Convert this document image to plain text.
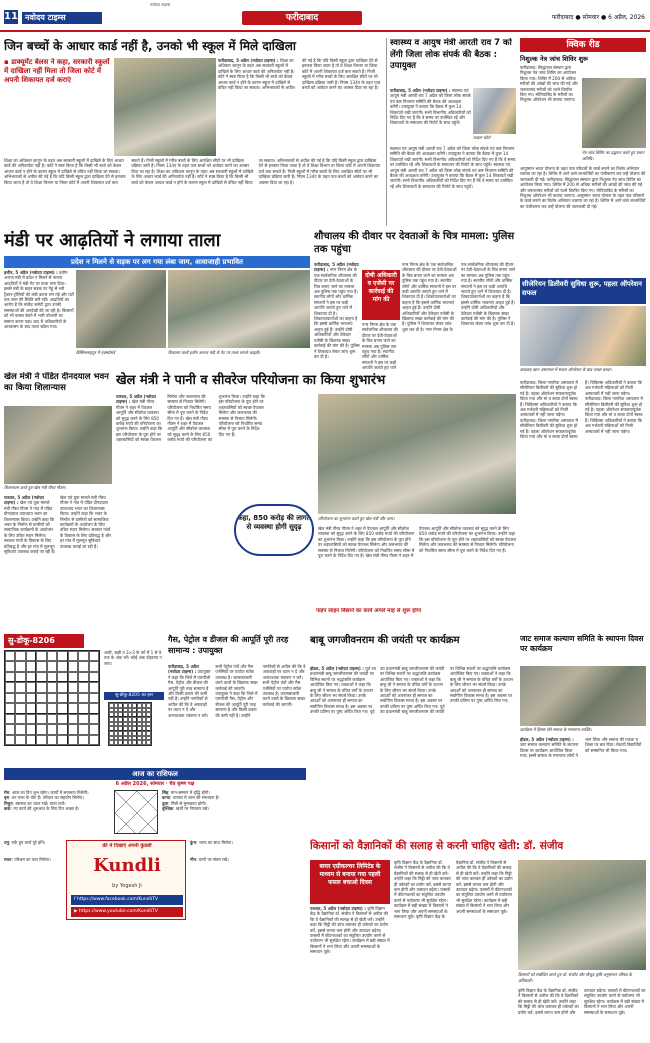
11 नवोदय टाइम्स
नवोदय टाइम्स
फरीदाबाद	फरीदाबाद ● सोमवार ● 6 अप्रैल, 2026
जिन बच्चों के आधार कार्ड नहीं है, उनको भी स्कूल में मिले दाखिला
▪ डाक्यूमेंट बेलस ने कहा, सरकारी स्कूलों में दाखिला नहीं मिला तो जिला कोर्ट में अपनी शिकायत दर्ज कराएं
फरीदाबाद, 5 अप्रैल (नवोदय टाइम्स) : शिक्षा का अधिकार कानून के तहत अब सरकारी स्कूलों में दाखिले के लिए आधार कार्ड की अनिवार्यता नहीं है। कोर्ट ने स्पष्ट किया है कि किसी भी बच्चे को केवल आधार कार्ड न होने के कारण स्कूल में दाखिले से वंचित नहीं किया जा सकता। अभिभावकों से अपील की गई है कि यदि किसी स्कूल द्वारा दाखिला देने से इनकार किया जाता है तो वे शिक्षा विभाग या जिला कोर्ट में अपनी शिकायत दर्ज करा सकते हैं। निजी स्कूलों में गरीब बच्चों के लिए आरक्षित सीटों पर भी दाखिला प्रक्रिया जारी है। नियम 134ए के तहत पात्र बच्चों को आवेदन करने का अवसर दिया जा रहा है।
शिक्षा का अधिकार कानून के तहत अब सरकारी स्कूलों में दाखिले के लिए आधार कार्ड की अनिवार्यता नहीं है। कोर्ट ने स्पष्ट किया है कि किसी भी बच्चे को केवल आधार कार्ड न होने के कारण स्कूल में दाखिले से वंचित नहीं किया जा सकता। अभिभावकों से अपील की गई है कि यदि किसी स्कूल द्वारा दाखिला देने से इनकार किया जाता है तो वे शिक्षा विभाग या जिला कोर्ट में अपनी शिकायत दर्ज करा सकते हैं। निजी स्कूलों में गरीब बच्चों के लिए आरक्षित सीटों पर भी दाखिला प्रक्रिया जारी है। नियम 134ए के तहत पात्र बच्चों को आवेदन करने का अवसर दिया जा रहा है। शिक्षा का अधिकार कानून के तहत अब सरकारी स्कूलों में दाखिले के लिए आधार कार्ड की अनिवार्यता नहीं है। कोर्ट ने स्पष्ट किया है कि किसी भी बच्चे को केवल आधार कार्ड न होने के कारण स्कूल में दाखिले से वंचित नहीं किया जा सकता। अभिभावकों से अपील की गई है कि यदि किसी स्कूल द्वारा दाखिला देने से इनकार किया जाता है तो वे शिक्षा विभाग या जिला कोर्ट में अपनी शिकायत दर्ज करा सकते हैं। निजी स्कूलों में गरीब बच्चों के लिए आरक्षित सीटों पर भी दाखिला प्रक्रिया जारी है। नियम 134ए के तहत पात्र बच्चों को आवेदन करने का अवसर दिया जा रहा है।
स्वास्थ्य व आयुष मंत्री आरती राव 7 को लेंगी जिला लोक संपर्क की बैठक : उपायुक्त
फाइल फोटो
फरीदाबाद, 5 अप्रैल (नवोदय टाइम्स) : स्वास्थ्य एवं आयुष मंत्री आरती राव 7 अप्रैल को जिला लोक संपर्क एवं कष्ट निवारण समिति की बैठक की अध्यक्षता करेंगी। उपायुक्त ने बताया कि बैठक में कुल 14 शिकायतें रखी जाएंगी। सभी विभागीय अधिकारियों को निर्देश दिए गए हैं कि वे समय पर उपस्थित रहें और शिकायतों के समाधान की रिपोर्ट के साथ पहुंचें।
स्वास्थ्य एवं आयुष मंत्री आरती राव 7 अप्रैल को जिला लोक संपर्क एवं कष्ट निवारण समिति की बैठक की अध्यक्षता करेंगी। उपायुक्त ने बताया कि बैठक में कुल 14 शिकायतें रखी जाएंगी। सभी विभागीय अधिकारियों को निर्देश दिए गए हैं कि वे समय पर उपस्थित रहें और शिकायतों के समाधान की रिपोर्ट के साथ पहुंचें। स्वास्थ्य एवं आयुष मंत्री आरती राव 7 अप्रैल को जिला लोक संपर्क एवं कष्ट निवारण समिति की बैठक की अध्यक्षता करेंगी। उपायुक्त ने बताया कि बैठक में कुल 14 शिकायतें रखी जाएंगी। सभी विभागीय अधिकारियों को निर्देश दिए गए हैं कि वे समय पर उपस्थित रहें और शिकायतों के समाधान की रिपोर्ट के साथ पहुंचें।
क्विक रीड
निशुल्क नेत्र जांच शिविर शुरू
फरीदाबाद। सिद्धाचल संस्थान द्वारा निशुल्क नेत्र जांच शिविर का आयोजन किया गया। शिविर में 200 से अधिक मरीजों की आंखों की जांच की गई और जरूरतमंद मरीजों को चश्मे वितरित किए गए। मोतियाबिंद के मरीजों का निशुल्क ऑपरेशन भी कराया जाएगा।
नेत्र जांच शिविर का उद्घाटन करते हुए प्रधान अतिथि।
आयुष्मान भारत योजना के तहत पात्र परिवारों के कार्ड बनाने का विशेष अभियान चलाया जा रहा है। शिविर में आने वाले लाभार्थियों का पंजीकरण कर उन्हें योजना की जानकारी दी गई। फरीदाबाद। सिद्धाचल संस्थान द्वारा निशुल्क नेत्र जांच शिविर का आयोजन किया गया। शिविर में 200 से अधिक मरीजों की आंखों की जांच की गई और जरूरतमंद मरीजों को चश्मे वितरित किए गए। मोतियाबिंद के मरीजों का निशुल्क ऑपरेशन भी कराया जाएगा। आयुष्मान भारत योजना के तहत पात्र परिवारों के कार्ड बनाने का विशेष अभियान चलाया जा रहा है। शिविर में आने वाले लाभार्थियों का पंजीकरण कर उन्हें योजना की जानकारी दी गई।
सीजेरियन डिलीवरी सुविधा शुरू, पहला ऑपरेशन सफल
बादशाह खान अस्पताल में सफल ऑपरेशन के बाद जच्चा-बच्चा।
मंडी पर आढ़तियों ने लगाया ताला
प्रदेश न मिलने से सड़क पर लग गया लंबा जाम, आवाजाही प्रभावित
हथीन, 5 अप्रैल (नवोदय टाइम्स) : हथीन अनाज मंडी में प्रवेश न मिलने से नाराज आढ़तियों ने मंडी गेट पर ताला लगा दिया। इससे मंडी के बाहर सड़क पर गेहूं से भरी ट्रैक्टर-ट्रॉलियों की लंबी कतार लग गई और घंटों तक जाम की स्थिति बनी रही। आढ़तियों का आरोप है कि मार्केट कमेटी द्वारा उनकी समस्याओं की अनदेखी की जा रही है। किसानों को भी फसल बेचने में भारी परेशानी का सामना करना पड़ा। बाद में अधिकारियों के आश्वासन के बाद ताला खोला गया।
बिस्मिल्लाहपुर में एक्सप्रेसवे	शिवालय वालों हथीन अनाज मंडी के गेट पर ताला लगाते आढ़ती।
शौचालय की दीवार पर देवताओं के चित्र मामला: पुलिस तक पहुंचा
फरीदाबाद, 5 अप्रैल (नवोदय टाइम्स) : नगर निगम क्षेत्र के एक सार्वजनिक शौचालय की दीवार पर देवी-देवताओं के चित्र बनाए जाने का मामला अब पुलिस तक पहुंच गया है। स्थानीय लोगों और धार्मिक संगठनों ने इस पर कड़ी आपत्ति जताते हुए थाने में शिकायत दी है। शिकायतकर्ताओं का कहना है कि इससे धार्मिक भावनाएं आहत हुई हैं। उन्होंने दोषी अधिकारियों और ठेकेदार एजेंसी के खिलाफ सख्त कार्रवाई की मांग की है। पुलिस ने शिकायत लेकर जांच शुरू कर दी है।
दोषी अधिकारी व एजेंसी पर कार्रवाई की मांग की
नगर निगम क्षेत्र के एक सार्वजनिक शौचालय की दीवार पर देवी-देवताओं के चित्र बनाए जाने का मामला अब पुलिस तक पहुंच गया है। स्थानीय लोगों और धार्मिक संगठनों ने इस पर कड़ी आपत्ति जताते हुए थाने
नगर निगम क्षेत्र के एक सार्वजनिक शौचालय की दीवार पर देवी-देवताओं के चित्र बनाए जाने का मामला अब पुलिस तक पहुंच गया है। स्थानीय लोगों और धार्मिक संगठनों ने इस पर कड़ी आपत्ति जताते हुए थाने में शिकायत दी है। शिकायतकर्ताओं का कहना है कि इससे धार्मिक भावनाएं आहत हुई हैं। उन्होंने दोषी अधिकारियों और ठेकेदार एजेंसी के खिलाफ सख्त कार्रवाई की मांग की है। पुलिस ने शिकायत लेकर जांच शुरू कर दी है। नगर निगम क्षेत्र के एक सार्वजनिक शौचालय की दीवार पर देवी-देवताओं के चित्र बनाए जाने का मामला अब पुलिस तक पहुंच गया है। स्थानीय लोगों और धार्मिक संगठनों ने इस पर कड़ी आपत्ति जताते हुए थाने में शिकायत दी है। शिकायतकर्ताओं का कहना है कि इससे धार्मिक भावनाएं आहत हुई हैं। उन्होंने दोषी अधिकारियों और ठेकेदार एजेंसी के खिलाफ सख्त कार्रवाई की मांग की है। पुलिस ने शिकायत लेकर जांच शुरू कर दी है।
खेल मंत्री ने पंडित दीनदयाल भवन का किया शिलान्यास
शिलान्यास करते हुए खेल मंत्री गौरव गौतम।
पलवल, 5 अप्रैल (नवोदय टाइम्स) : खेल एवं युवा मामले मंत्री गौरव गौतम ने गांव में पंडित दीनदयाल उपाध्याय भवन का शिलान्यास किया। उन्होंने कहा कि भवन के निर्माण से ग्रामीणों को सामाजिक कार्यक्रमों के आयोजन के लिए उचित स्थान मिलेगा। सरकार गांवों के विकास के लिए प्रतिबद्ध है और हर गांव में मूलभूत सुविधाएं उपलब्ध कराई जा रही हैं। खेल एवं युवा मामले मंत्री गौरव गौतम ने गांव में पंडित दीनदयाल उपाध्याय भवन का शिलान्यास किया। उन्होंने कहा कि भवन के निर्माण से ग्रामीणों को सामाजिक कार्यक्रमों के आयोजन के लिए उचित स्थान मिलेगा। सरकार गांवों के विकास के लिए प्रतिबद्ध है और हर गांव में मूलभूत सुविधाएं उपलब्ध कराई जा रही हैं।
खेल मंत्री ने पानी व सीवरेज परियोजना का किया शुभारंभ
पलवल, 5 अप्रैल (नवोदय टाइम्स) : खेल मंत्री गौरव गौतम ने शहर में पेयजल आपूर्ति और सीवरेज व्यवस्था को सुदृढ़ करने के लिए 850 करोड़ रुपये की परियोजना का शुभारंभ किया। उन्होंने कहा कि इस परियोजना के पूरा होने पर शहरवासियों को स्वच्छ पेयजल मिलेगा और जलभराव की समस्या से निजात मिलेगी। परियोजना को निर्धारित समय सीमा में पूरा करने के निर्देश दिए गए हैं। खेल मंत्री गौरव गौतम ने शहर में पेयजल आपूर्ति और सीवरेज व्यवस्था को सुदृढ़ करने के लिए 850 करोड़ रुपये की परियोजना का शुभारंभ किया। उन्होंने कहा कि इस परियोजना के पूरा होने पर शहरवासियों को स्वच्छ पेयजल मिलेगा और जलभराव की समस्या से निजात मिलेगी। परियोजना को निर्धारित समय सीमा में पूरा करने के निर्देश दिए गए हैं।
कहा, 850 करोड़ की लागत से व्यवस्था होगी सुदृढ़
परियोजना का शुभारंभ करते हुए खेल मंत्री और अन्य।
खेल मंत्री गौरव गौतम ने शहर में पेयजल आपूर्ति और सीवरेज व्यवस्था को सुदृढ़ करने के लिए 850 करोड़ रुपये की परियोजना का शुभारंभ किया। उन्होंने कहा कि इस परियोजना के पूरा होने पर शहरवासियों को स्वच्छ पेयजल मिलेगा और जलभराव की समस्या से निजात मिलेगी। परियोजना को निर्धारित समय सीमा में पूरा करने के निर्देश दिए गए हैं। खेल मंत्री गौरव गौतम ने शहर में पेयजल आपूर्ति और सीवरेज व्यवस्था को सुदृढ़ करने के लिए 850 करोड़ रुपये की परियोजना का शुभारंभ किया। उन्होंने कहा कि इस परियोजना के पूरा होने पर शहरवासियों को स्वच्छ पेयजल मिलेगा और जलभराव की समस्या से निजात मिलेगी। परियोजना को निर्धारित समय सीमा में पूरा करने के निर्देश दिए गए हैं।
पाइप लाइन बिछाने का कार्य अगले माह से शुरू होगा
फरीदाबाद। जिला नागरिक अस्पताल में सीजेरियन डिलीवरी की सुविधा शुरू हो गई है। पहला ऑपरेशन सफलतापूर्वक किया गया और मां व बच्चा दोनों स्वस्थ हैं। चिकित्सा अधिकारियों ने बताया कि अब गर्भवती महिलाओं को निजी अस्पतालों में नहीं जाना पड़ेगा। फरीदाबाद। जिला नागरिक अस्पताल में सीजेरियन डिलीवरी की सुविधा शुरू हो गई है। पहला ऑपरेशन सफलतापूर्वक किया गया और मां व बच्चा दोनों स्वस्थ हैं। चिकित्सा अधिकारियों ने बताया कि अब गर्भवती महिलाओं को निजी अस्पतालों में नहीं जाना पड़ेगा। फरीदाबाद। जिला नागरिक अस्पताल में सीजेरियन डिलीवरी की सुविधा शुरू हो गई है। पहला ऑपरेशन सफलतापूर्वक किया गया और मां व बच्चा दोनों स्वस्थ हैं। चिकित्सा अधिकारियों ने बताया कि अब गर्भवती महिलाओं को निजी अस्पतालों में नहीं जाना पड़ेगा।
सु-डोकू-8206
आड़ी, खड़ी व 3×3 के वर्ग में 1 से 9 तक के अंक भरें। कोई अंक दोहराया न जाए।
सु-डोकू-8205 का हल
गैस, पेट्रोल व डीजल की आपूर्ति पूरी तरह सामान्य : उपायुक्त
फरीदाबाद, 5 अप्रैल (नवोदय टाइम्स) : उपायुक्त ने कहा कि जिले में एलपीजी गैस, पेट्रोल और डीजल की आपूर्ति पूरी तरह सामान्य है और किसी प्रकार की कमी नहीं है। उन्होंने नागरिकों से अपील की कि वे अफवाहों पर ध्यान न दें और अनावश्यक भंडारण न करें। सभी पेट्रोल पंपों और गैस एजेंसियों पर पर्याप्त स्टॉक उपलब्ध है। कालाबाजारी करने वालों के खिलाफ सख्त कार्रवाई की जाएगी। उपायुक्त ने कहा कि जिले में एलपीजी गैस, पेट्रोल और डीजल की आपूर्ति पूरी तरह सामान्य है और किसी प्रकार की कमी नहीं है। उन्होंने नागरिकों से अपील की कि वे अफवाहों पर ध्यान न दें और अनावश्यक भंडारण न करें। सभी पेट्रोल पंपों और गैस एजेंसियों पर पर्याप्त स्टॉक उपलब्ध है। कालाबाजारी करने वालों के खिलाफ सख्त कार्रवाई की जाएगी।
बाबू जगजीवनराम की जयंती पर कार्यक्रम
होडल, 5 अप्रैल (नवोदय टाइम्स) : पूर्व उप प्रधानमंत्री बाबू जगजीवनराम की जयंती पर विभिन्न स्थानों पर श्रद्धांजलि कार्यक्रम आयोजित किए गए। वक्ताओं ने कहा कि बाबू जी ने समाज के वंचित वर्गों के उत्थान के लिए जीवन भर संघर्ष किया। उनके आदर्शों को अपनाकर ही समाज का सर्वांगीण विकास संभव है। इस अवसर पर उनकी प्रतिमा पर पुष्प अर्पित किए गए। पूर्व उप प्रधानमंत्री बाबू जगजीवनराम की जयंती पर विभिन्न स्थानों पर श्रद्धांजलि कार्यक्रम आयोजित किए गए। वक्ताओं ने कहा कि बाबू जी ने समाज के वंचित वर्गों के उत्थान के लिए जीवन भर संघर्ष किया। उनके आदर्शों को अपनाकर ही समाज का सर्वांगीण विकास संभव है। इस अवसर पर उनकी प्रतिमा पर पुष्प अर्पित किए गए। पूर्व उप प्रधानमंत्री बाबू जगजीवनराम की जयंती पर विभिन्न स्थानों पर श्रद्धांजलि कार्यक्रम आयोजित किए गए। वक्ताओं ने कहा कि बाबू जी ने समाज के वंचित वर्गों के उत्थान के लिए जीवन भर संघर्ष किया। उनके आदर्शों को अपनाकर ही समाज का सर्वांगीण विकास संभव है। इस अवसर पर उनकी प्रतिमा पर पुष्प अर्पित किए गए।
जाट समाज कल्याण समिति के स्थापना दिवस पर कार्यक्रम
कार्यक्रम में हिस्सा लेते समाज के गणमान्य व्यक्ति।
होडल, 5 अप्रैल (नवोदय टाइम्स) : जाट समाज कल्याण समिति के स्थापना दिवस पर कार्यक्रम आयोजित किया गया। इसमें समाज के गणमान्य लोगों ने भाग लिया और समाज की एकता व शिक्षा पर बल दिया। मेधावी विद्यार्थियों को सम्मानित भी किया गया।
आज का राशिफल
6 अप्रैल 2026, सोमवार · चैत्र कृष्ण पक्ष
मेष: आज का दिन शुभ रहेगा। कार्यों में सफलता मिलेगी।
वृष: धन लाभ के योग हैं। परिवार का सहयोग मिलेगा।
मिथुन: स्वास्थ्य का ध्यान रखें। यात्रा टालें।
कर्क: नए कार्य की शुरुआत के लिए दिन अच्छा है।
सिंह: मान-सम्मान में वृद्धि होगी।
कन्या: व्यापार में लाभ की संभावना है।
तुला: मित्रों से मुलाकात होगी।
वृश्चिक: खर्चों पर नियंत्रण रखें।
धनु: रुके हुए कार्य पूरे होंगे।
मकर: परिश्रम का फल मिलेगा।
फ्री में दिखाएं अपनी कुंडली
Kundli
by Yogesh Ji
f https://www.facebook.com/KundliTV
▶ https://www.youtube.com/KundliTV
कुंभ: भाग्य का साथ मिलेगा।
मीन: वाणी पर संयम रखें।
किसानों को वैज्ञानिकों की सलाह से करनी चाहिए खेती: डॉ. संजीव
बायर एग्रीकल्चर लिमिटेड के माध्यम से बनाया गया पहली फसल बचाओ दिवस
पलवल, 5 अप्रैल (नवोदय टाइम्स) : कृषि विज्ञान केंद्र के वैज्ञानिक डॉ. संजीव ने किसानों से अपील की कि वे वैज्ञानिकों की सलाह से ही खेती करें। उन्होंने कहा कि मिट्टी की जांच कराकर ही उर्वरकों का प्रयोग करें, इससे लागत कम होगी और उत्पादन बढ़ेगा। फसलों में कीटनाशकों का संतुलित उपयोग करने से पर्यावरण भी सुरक्षित रहेगा। कार्यक्रम में बड़ी संख्या में किसानों ने भाग लिया और अपनी समस्याओं के समाधान पूछे।
कृषि विज्ञान केंद्र के वैज्ञानिक डॉ. संजीव ने किसानों से अपील की कि वे वैज्ञानिकों की सलाह से ही खेती करें। उन्होंने कहा कि मिट्टी की जांच कराकर ही उर्वरकों का प्रयोग करें, इससे लागत कम होगी और उत्पादन बढ़ेगा। फसलों में कीटनाशकों का संतुलित उपयोग करने से पर्यावरण भी सुरक्षित रहेगा। कार्यक्रम में बड़ी संख्या में किसानों ने भाग लिया और अपनी समस्याओं के समाधान पूछे। कृषि विज्ञान केंद्र के वैज्ञानिक डॉ. संजीव ने किसानों से अपील की कि वे वैज्ञानिकों की सलाह से ही खेती करें। उन्होंने कहा कि मिट्टी की जांच कराकर ही उर्वरकों का प्रयोग करें, इससे लागत कम होगी और उत्पादन बढ़ेगा। फसलों में कीटनाशकों का संतुलित उपयोग करने से पर्यावरण भी सुरक्षित रहेगा। कार्यक्रम में बड़ी संख्या में किसानों ने भाग लिया और अपनी समस्याओं के समाधान पूछे।
किसानों को संबोधित करते हुए डॉ. संजीव और मौजूद कृषि अनुसंधान परिषद के अधिकारी।
कृषि विज्ञान केंद्र के वैज्ञानिक डॉ. संजीव ने किसानों से अपील की कि वे वैज्ञानिकों की सलाह से ही खेती करें। उन्होंने कहा कि मिट्टी की जांच कराकर ही उर्वरकों का प्रयोग करें, इससे लागत कम होगी और उत्पादन बढ़ेगा। फसलों में कीटनाशकों का संतुलित उपयोग करने से पर्यावरण भी सुरक्षित रहेगा। कार्यक्रम में बड़ी संख्या में किसानों ने भाग लिया और अपनी समस्याओं के समाधान पूछे।
